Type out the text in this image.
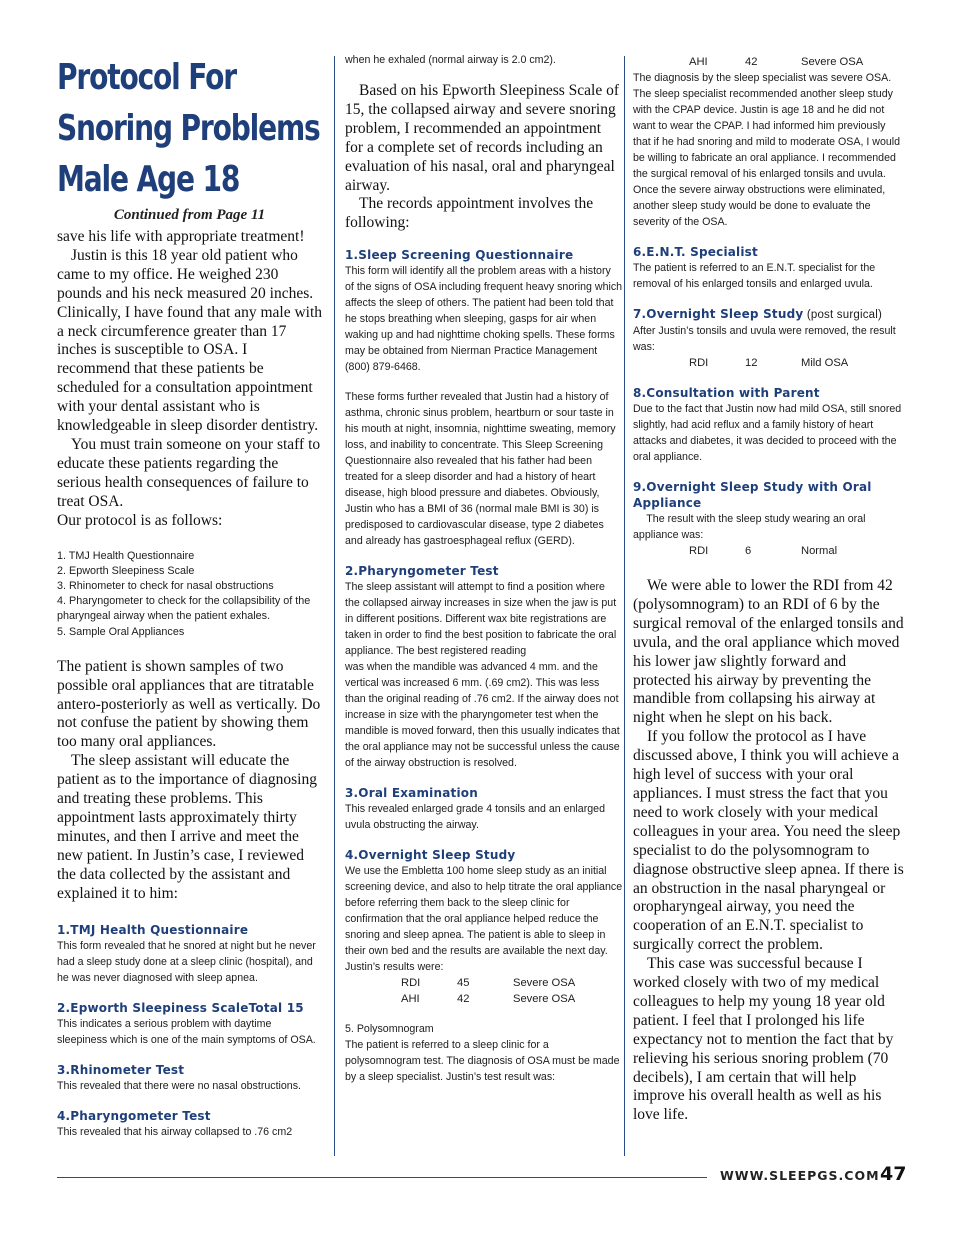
Protocol For
Snoring Problems
Male Age 18
Continued from Page 11

save his life with appropriate treatment!

Justin is this 18 year old patient who came to my office. He weighed 230 pounds and his neck measured 20 inches. Clinically, I have found that any male with a neck circumference greater than 17 inches is susceptible to OSA. I recommend that these patients be scheduled for a consultation appointment with your dental assistant who is knowledgeable in sleep disorder dentistry.

You must train someone on your staff to educate these patients regarding the serious health consequences of failure to treat OSA.

Our protocol is as follows:

1. TMJ Health Questionnaire
2. Epworth Sleepiness Scale
3. Rhinometer to check for nasal obstructions
4. Pharyngometer to check for the collapsibility of the pharyngeal airway when the patient exhales.
5. Sample Oral Appliances

The patient is shown samples of two possible oral appliances that are titratable antero-posteriorly as well as vertically. Do not confuse the patient by showing them too many oral appliances.

The sleep assistant will educate the patient as to the importance of diagnosing and treating these problems. This appointment lasts approximately thirty minutes, and then I arrive and meet the new patient. In Justin’s case, I reviewed the data collected by the assistant and explained it to him:

1.TMJ Health Questionnaire

This form revealed that he snored at night but he never had a sleep study done at a sleep clinic (hospital), and he was never diagnosed with sleep apnea.

2.Epworth Sleepiness ScaleTotal 15

This indicates a serious problem with daytime sleepiness which is one of the main symptoms of OSA.

3.Rhinometer Test

This revealed that there were no nasal obstructions.

4.Pharyngometer Test

This revealed that his airway collapsed to .76 cm2

when he exhaled (normal airway is 2.0 cm2).

Based on his Epworth Sleepiness Scale of 15, the collapsed airway and severe snoring problem, I recommended an appointment for a complete set of records including an evaluation of his nasal, oral and pharyngeal airway.

The records appointment involves the following:

1.Sleep Screening Questionnaire

This form will identify all the problem areas with a history of the signs of OSA including frequent heavy snoring which affects the sleep of others. The patient had been told that he stops breathing when sleeping, gasps for air when waking up and had nighttime choking spells. These forms may be obtained from Nierman Practice Management (800) 879-6468.

These forms further revealed that Justin had a history of asthma, chronic sinus problem, heartburn or sour taste in his mouth at night, insomnia, nighttime sweating, memory loss, and inability to concentrate. This Sleep Screening Questionnaire also revealed that his father had been treated for a sleep disorder and had a history of heart disease, high blood pressure and diabetes. Obviously, Justin who has a BMI of 36 (normal male BMI is 30) is predisposed to cardiovascular disease, type 2 diabetes and already has gastroesphageal reflux (GERD).

2.Pharyngometer Test

The sleep assistant will attempt to find a position where the collapsed airway increases in size when the jaw is put in different positions. Different wax bite registrations are taken in order to find the best position to fabricate the oral appliance. The best registered reading

was when the mandible was advanced 4 mm. and the vertical was increased 6 mm. (.69 cm2). This was less than the original reading of .76 cm2. If the airway does not increase in size with the pharyngometer test when the mandible is moved forward, then this usually indicates that the oral appliance may not be successful unless the cause of the airway obstruction is resolved.

3.Oral Examination

This revealed enlarged grade 4 tonsils and an enlarged uvula obstructing the airway.

4.Overnight Sleep Study

We use the Embletta 100 home sleep study as an initial screening device, and also to help titrate the oral appliance before referring them back to the sleep clinic for confirmation that the oral appliance helped reduce the snoring and sleep apnea. The patient is able to sleep in their own bed and the results are available the next day. Justin’s results were:

RDI	45	Severe OSA
AHI	42	Severe OSA

5. Polysomnogram

The patient is referred to a sleep clinic for a polysomnogram test. The diagnosis of OSA must be made by a sleep specialist. Justin’s test result was:

AHI	42	Severe OSA

The diagnosis by the sleep specialist was severe OSA. The sleep specialist recommended another sleep study with the CPAP device. Justin is age 18 and he did not want to wear the CPAP. I had informed him previously that if he had snoring and mild to moderate OSA, I would be willing to fabricate an oral appliance. I recommended the surgical removal of his enlarged tonsils and uvula. Once the severe airway obstructions were eliminated, another sleep study would be done to evaluate the severity of the OSA.

6.E.N.T. Specialist

The patient is referred to an E.N.T. specialist for the removal of his enlarged tonsils and enlarged uvula.

7.Overnight Sleep Study (post surgical)

After Justin’s tonsils and uvula were removed, the result was:

RDI	12	Mild OSA

8.Consultation with Parent

Due to the fact that Justin now had mild OSA, still snored slightly, had acid reflux and a family history of heart attacks and diabetes, it was decided to proceed with the oral appliance.

9.Overnight Sleep Study with Oral Appliance

The result with the sleep study wearing an oral appliance was:

RDI	6	Normal

We were able to lower the RDI from 42 (polysomnogram) to an RDI of 6 by the surgical removal of the enlarged tonsils and uvula, and the oral appliance which moved his lower jaw slightly forward and protected his airway by preventing the mandible from collapsing his airway at night when he slept on his back.

If you follow the protocol as I have discussed above, I think you will achieve a high level of success with your oral appliances. I must stress the fact that you need to work closely with your medical colleagues in your area. You need the sleep specialist to do the polysomnogram to diagnose obstructive sleep apnea. If there is an obstruction in the nasal pharyngeal or oropharyngeal airway, you need the cooperation of an E.N.T. specialist to surgically correct the problem.

This case was successful because I worked closely with two of my medical colleagues to help my young 18 year old patient. I feel that I prolonged his life expectancy not to mention the fact that by relieving his serious snoring problem (70 decibels), I am certain that will help improve his overall health as well as his love life.

WWW.SLEEPGS.COM 47
